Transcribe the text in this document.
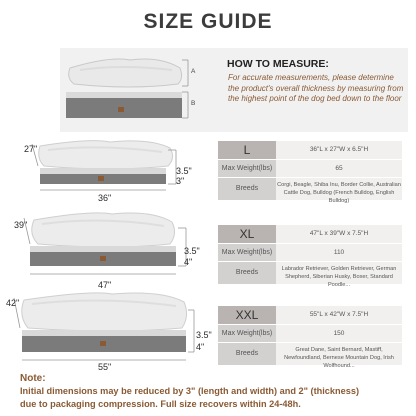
SIZE GUIDE
A
B
HOW TO MEASURE:
For accurate measurements, please determine the product's overall thickness by measuring from the highest point of the dog bed down to the floor
27"
3.5"
3"
36"
39"
3.5"
4"
47"
42"
3.5"
4"
55"
L	36"L x 27"W x 6.5"H
Max Weight(lbs)	65
Breeds	Corgi, Beagle, Shiba Inu, Border Collie, Australian Cattle Dog, Bulldog (French Bulldog, English Bulldog)
XL	47"L x 39"W x 7.5"H
Max Weight(lbs)	110
Breeds	Labrador Retriever, Golden Retriever, German Shepherd, Siberian Husky, Boxer, Standard Poodle...
XXL	55"L x 42"W x 7.5"H
Max Weight(lbs)	150
Breeds	Great Dane, Saint Bernard, Mastiff, Newfoundland, Bernese Mountain Dog, Irish Wolfhound...
Note:
Initial dimensions may be reduced by 3" (length and width) and 2" (thickness)
due to packaging compression. Full size recovers within 24-48h.
